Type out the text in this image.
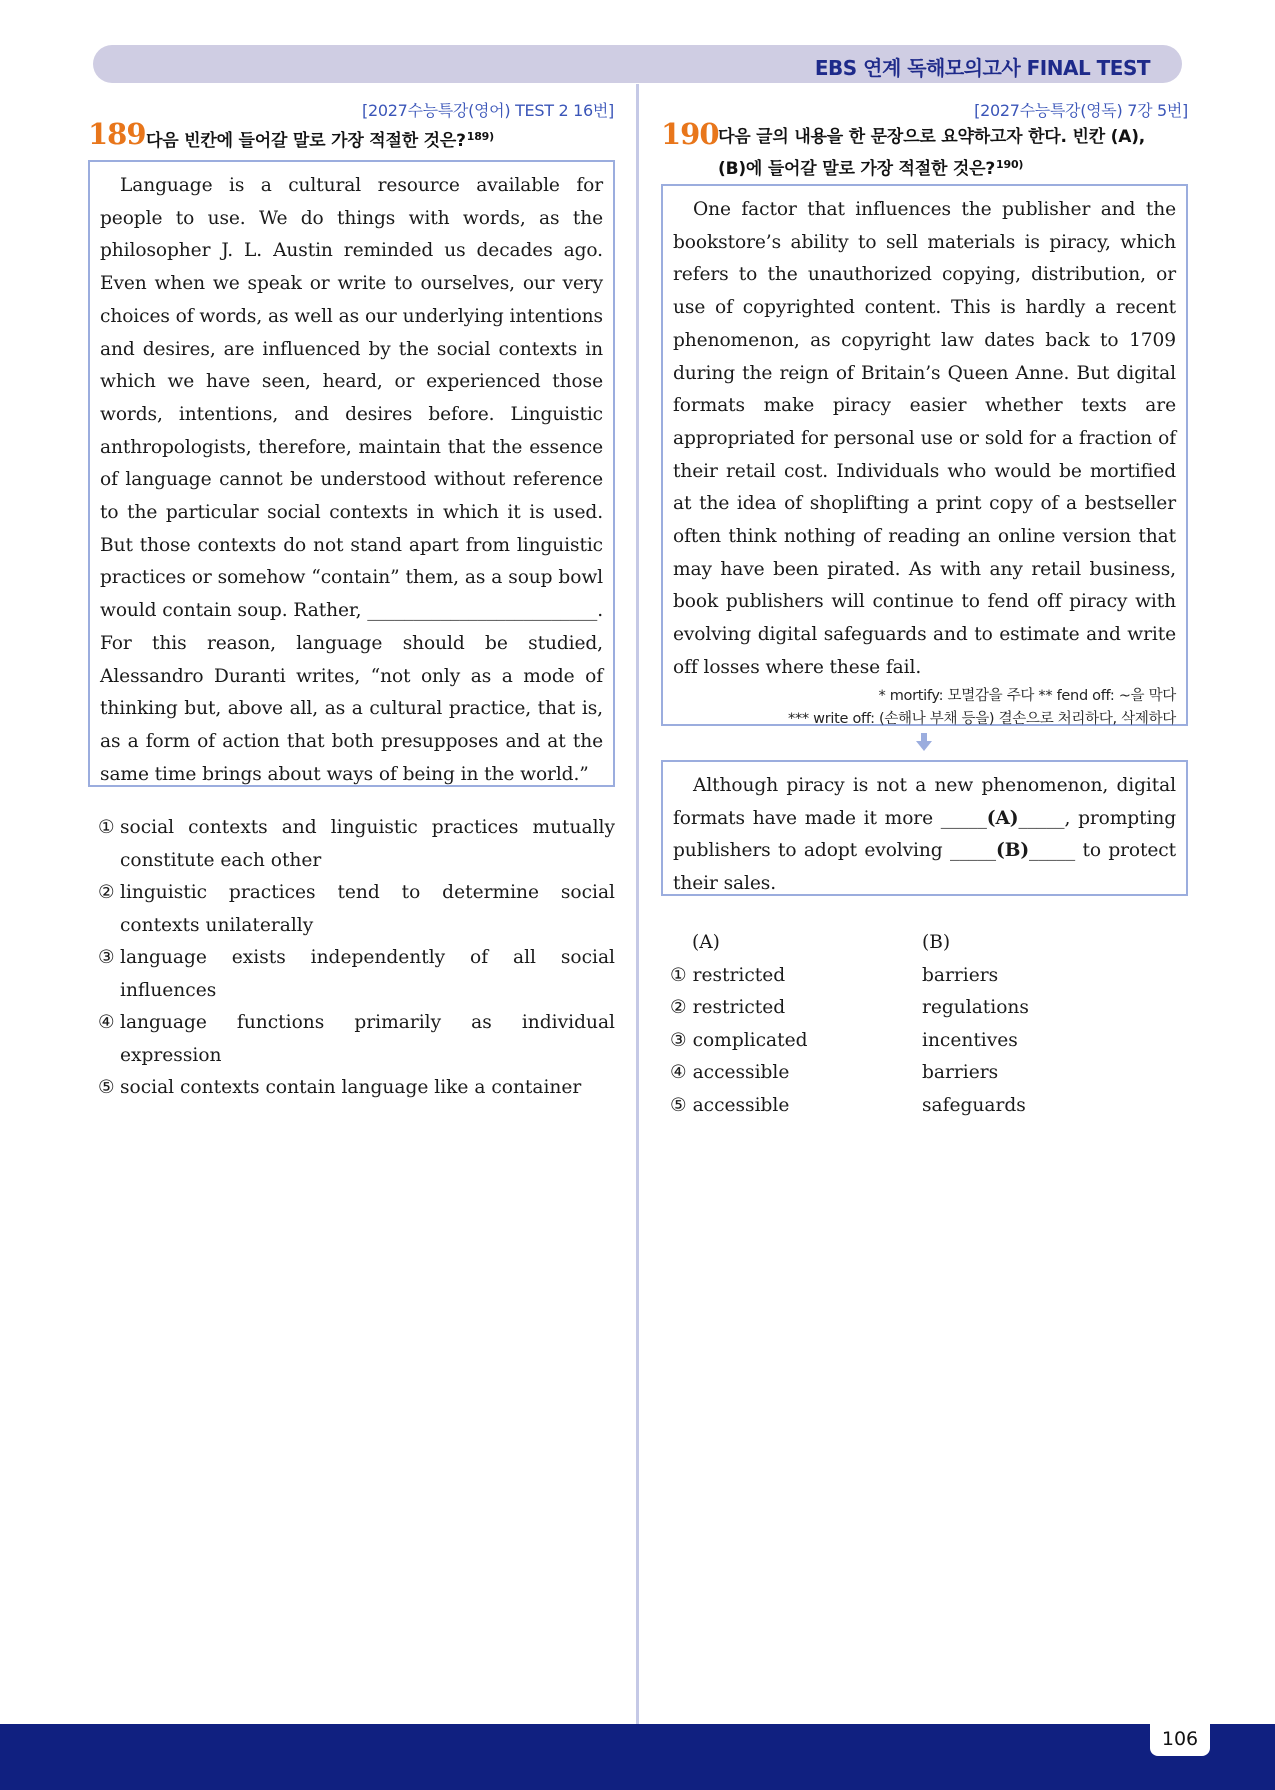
EBS 연계 독해모의고사 FINAL TEST
[2027수능특강(영어) TEST 2 16번]
189 다음 빈칸에 들어갈 말로 가장 적절한 것은?$^{189)}$

Language is a cultural resource available for people to use. We do things with words, as the philosopher J. L. Austin reminded us decades ago. Even when we speak or write to ourselves, our very choices of words, as well as our underlying intentions and desires, are influenced by the social contexts in which we have seen, heard, or experienced those words, intentions, and desires before. Linguistic anthropologists, therefore, maintain that the essence of language cannot be understood without reference to the particular social contexts in which it is used. But those contexts do not stand apart from linguistic practices or somehow “contain” them, as a soup bowl would contain soup. Rather, _________________________. For this reason, language should be studied, Alessandro Duranti writes, “not only as a mode of thinking but, above all, as a cultural practice, that is, as a form of action that both presupposes and at the same time brings about ways of being in the world.”

① social contexts and linguistic practices mutually constitute each other
② linguistic practices tend to determine social contexts unilaterally
③ language exists independently of all social influences
④ language functions primarily as individual expression
⑤ social contexts contain language like a container
[2027수능특강(영독) 7강 5번]
190 다음 글의 내용을 한 문장으로 요약하고자 한다. 빈칸 (A),
(B)에 들어갈 말로 가장 적절한 것은?$^{190)}$

One factor that influences the publisher and the bookstore’s ability to sell materials is piracy, which refers to the unauthorized copying, distribution, or use of copyrighted content. This is hardly a recent phenomenon, as copyright law dates back to 1709 during the reign of Britain’s Queen Anne. But digital formats make piracy easier whether texts are appropriated for personal use or sold for a fraction of their retail cost. Individuals who would be mortified at the idea of shoplifting a print copy of a bestseller often think nothing of reading an online version that may have been pirated. As with any retail business, book publishers will continue to fend off piracy with evolving digital safeguards and to estimate and write off losses where these fail.

* mortify: 모멸감을 주다 ** fend off: ~을 막다
*** write off: (손해나 부채 등을) 결손으로 처리하다, 삭제하다

Although piracy is not a new phenomenon, digital formats have made it more _____(A)_____, prompting publishers to adopt evolving _____(B)_____ to protect their sales.

(A)	(B)
① restricted	barriers
② restricted	regulations
③ complicated	incentives
④ accessible	barriers
⑤ accessible	safeguards
106
